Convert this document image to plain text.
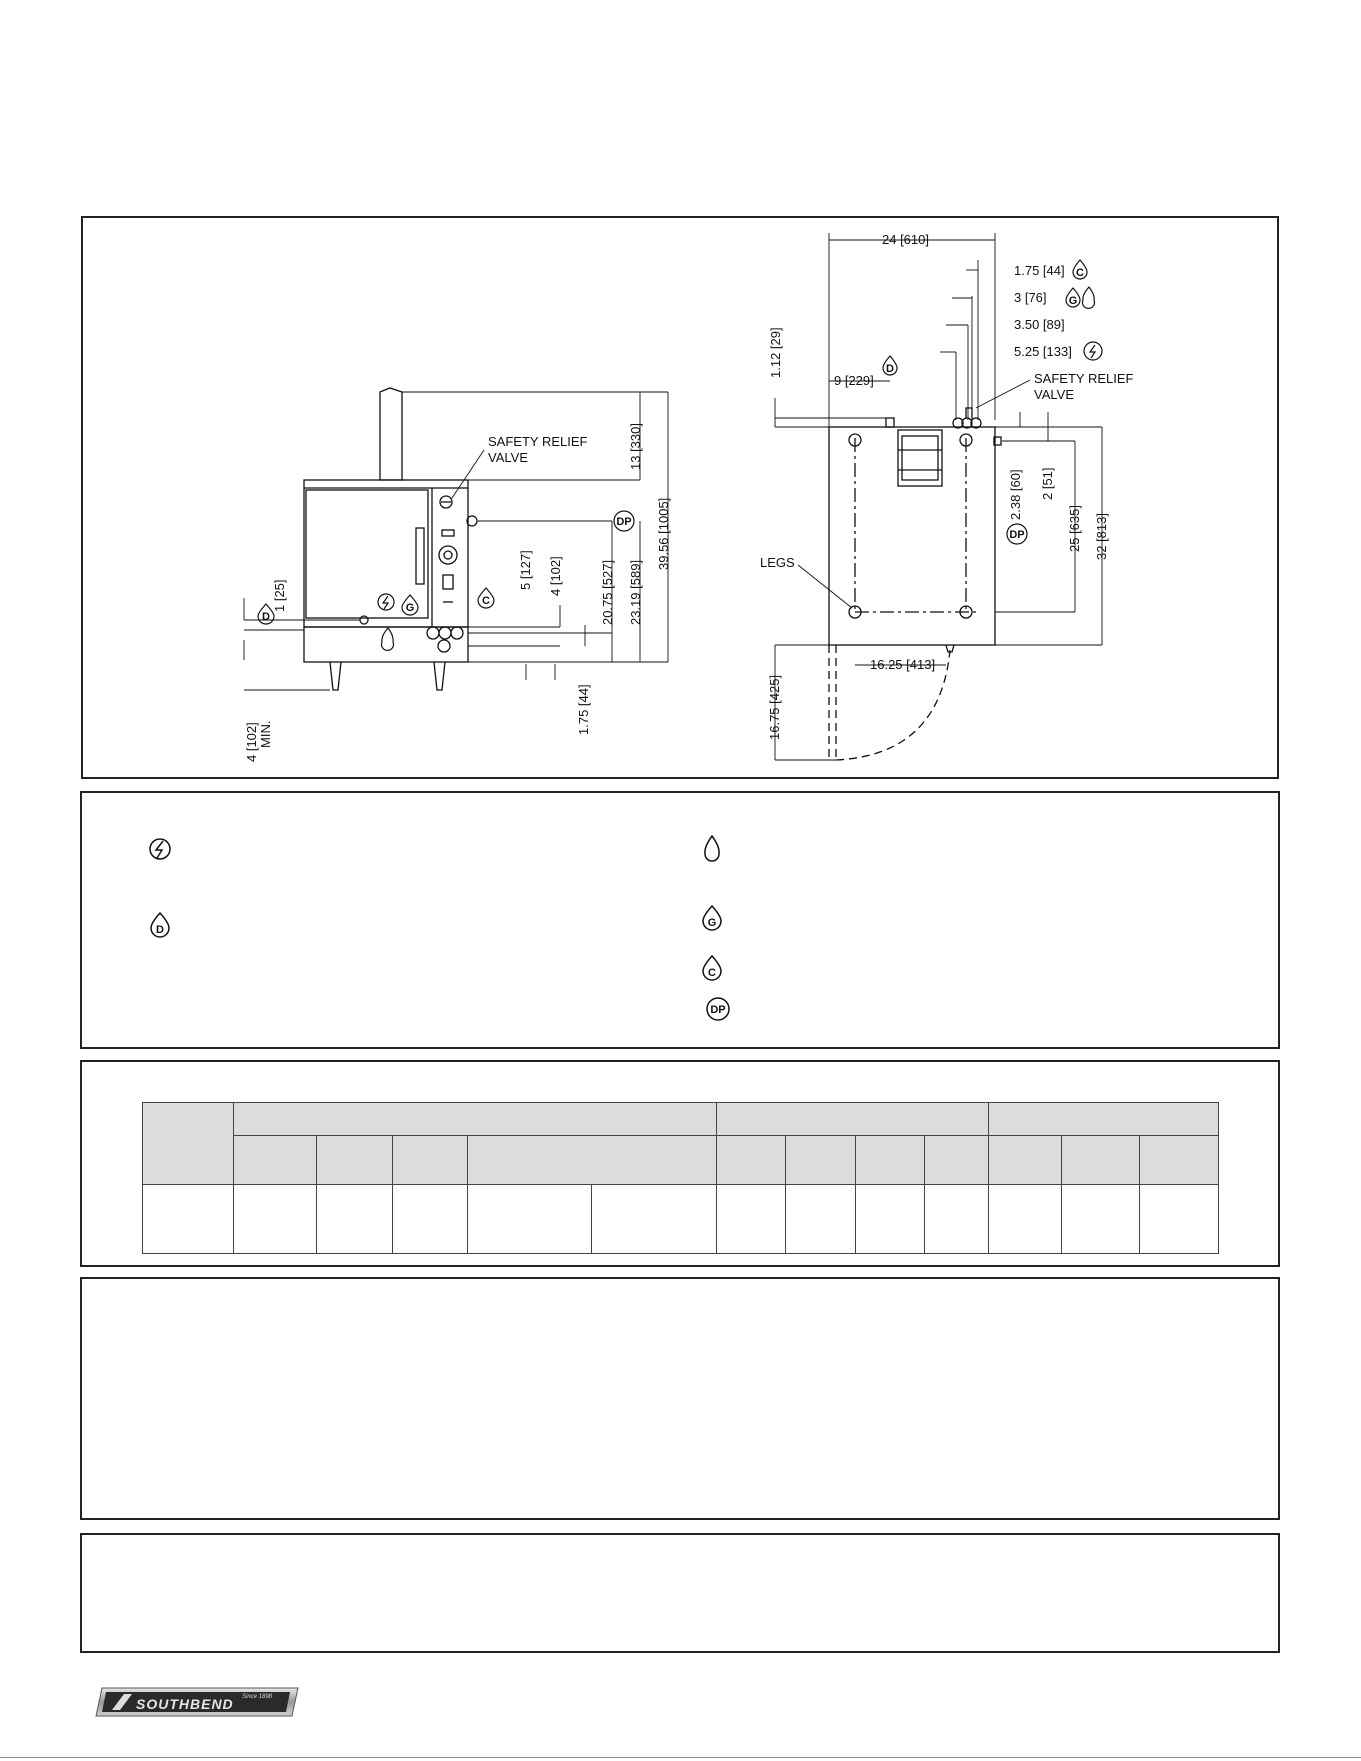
SAFETY RELIEF
VALVE	13 [330]
39.56 [1005]
23.19 [589]
20.75 [527]
5 [127] 4 [102]
1.75 [44]
1 [25]
4 [102] MIN.
G
C
D
DP
24 [610]
1.75 [44]
3 [76]
3.50 [89]
5.25 [133]
9 [229]
1.12 [29]
2.38 [60] 2 [51]
25 [635] 32 [813]
16.25 [413]
16.75 [425]
SAFETY RELIEF
VALVE
LEGS
C
G
D
DP
D
G
C
DP

Since 1898
SOUTHBEND
